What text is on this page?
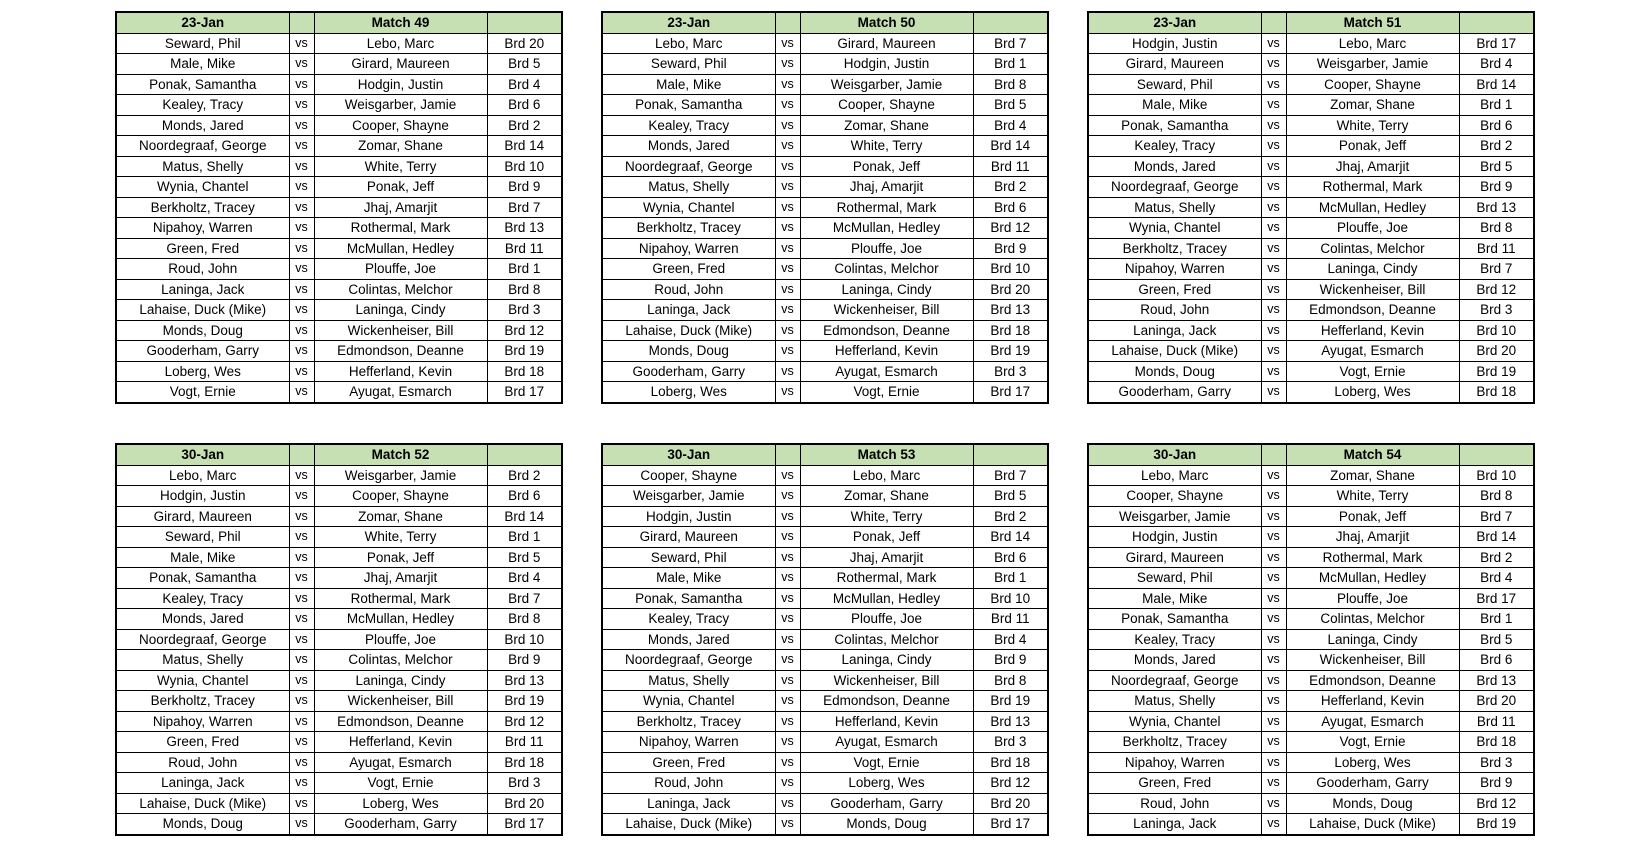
23-Jan		Match 49	
Seward, Phil	vs	Lebo, Marc	Brd 20
Male, Mike	vs	Girard, Maureen	Brd 5
Ponak, Samantha	vs	Hodgin, Justin	Brd 4
Kealey, Tracy	vs	Weisgarber, Jamie	Brd 6
Monds, Jared	vs	Cooper, Shayne	Brd 2
Noordegraaf, George	vs	Zomar, Shane	Brd 14
Matus, Shelly	vs	White, Terry	Brd 10
Wynia, Chantel	vs	Ponak, Jeff	Brd 9
Berkholtz, Tracey	vs	Jhaj, Amarjit	Brd 7
Nipahoy, Warren	vs	Rothermal, Mark	Brd 13
Green, Fred	vs	McMullan, Hedley	Brd 11
Roud, John	vs	Plouffe, Joe	Brd 1
Laninga, Jack	vs	Colintas, Melchor	Brd 8
Lahaise, Duck (Mike)	vs	Laninga, Cindy	Brd 3
Monds, Doug	vs	Wickenheiser, Bill	Brd 12
Gooderham, Garry	vs	Edmondson, Deanne	Brd 19
Loberg, Wes	vs	Hefferland, Kevin	Brd 18
Vogt, Ernie	vs	Ayugat, Esmarch	Brd 17
23-Jan		Match 50	
Lebo, Marc	vs	Girard, Maureen	Brd 7
Seward, Phil	vs	Hodgin, Justin	Brd 1
Male, Mike	vs	Weisgarber, Jamie	Brd 8
Ponak, Samantha	vs	Cooper, Shayne	Brd 5
Kealey, Tracy	vs	Zomar, Shane	Brd 4
Monds, Jared	vs	White, Terry	Brd 14
Noordegraaf, George	vs	Ponak, Jeff	Brd 11
Matus, Shelly	vs	Jhaj, Amarjit	Brd 2
Wynia, Chantel	vs	Rothermal, Mark	Brd 6
Berkholtz, Tracey	vs	McMullan, Hedley	Brd 12
Nipahoy, Warren	vs	Plouffe, Joe	Brd 9
Green, Fred	vs	Colintas, Melchor	Brd 10
Roud, John	vs	Laninga, Cindy	Brd 20
Laninga, Jack	vs	Wickenheiser, Bill	Brd 13
Lahaise, Duck (Mike)	vs	Edmondson, Deanne	Brd 18
Monds, Doug	vs	Hefferland, Kevin	Brd 19
Gooderham, Garry	vs	Ayugat, Esmarch	Brd 3
Loberg, Wes	vs	Vogt, Ernie	Brd 17
23-Jan		Match 51	
Hodgin, Justin	vs	Lebo, Marc	Brd 17
Girard, Maureen	vs	Weisgarber, Jamie	Brd 4
Seward, Phil	vs	Cooper, Shayne	Brd 14
Male, Mike	vs	Zomar, Shane	Brd 1
Ponak, Samantha	vs	White, Terry	Brd 6
Kealey, Tracy	vs	Ponak, Jeff	Brd 2
Monds, Jared	vs	Jhaj, Amarjit	Brd 5
Noordegraaf, George	vs	Rothermal, Mark	Brd 9
Matus, Shelly	vs	McMullan, Hedley	Brd 13
Wynia, Chantel	vs	Plouffe, Joe	Brd 8
Berkholtz, Tracey	vs	Colintas, Melchor	Brd 11
Nipahoy, Warren	vs	Laninga, Cindy	Brd 7
Green, Fred	vs	Wickenheiser, Bill	Brd 12
Roud, John	vs	Edmondson, Deanne	Brd 3
Laninga, Jack	vs	Hefferland, Kevin	Brd 10
Lahaise, Duck (Mike)	vs	Ayugat, Esmarch	Brd 20
Monds, Doug	vs	Vogt, Ernie	Brd 19
Gooderham, Garry	vs	Loberg, Wes	Brd 18
30-Jan		Match 52	
Lebo, Marc	vs	Weisgarber, Jamie	Brd 2
Hodgin, Justin	vs	Cooper, Shayne	Brd 6
Girard, Maureen	vs	Zomar, Shane	Brd 14
Seward, Phil	vs	White, Terry	Brd 1
Male, Mike	vs	Ponak, Jeff	Brd 5
Ponak, Samantha	vs	Jhaj, Amarjit	Brd 4
Kealey, Tracy	vs	Rothermal, Mark	Brd 7
Monds, Jared	vs	McMullan, Hedley	Brd 8
Noordegraaf, George	vs	Plouffe, Joe	Brd 10
Matus, Shelly	vs	Colintas, Melchor	Brd 9
Wynia, Chantel	vs	Laninga, Cindy	Brd 13
Berkholtz, Tracey	vs	Wickenheiser, Bill	Brd 19
Nipahoy, Warren	vs	Edmondson, Deanne	Brd 12
Green, Fred	vs	Hefferland, Kevin	Brd 11
Roud, John	vs	Ayugat, Esmarch	Brd 18
Laninga, Jack	vs	Vogt, Ernie	Brd 3
Lahaise, Duck (Mike)	vs	Loberg, Wes	Brd 20
Monds, Doug	vs	Gooderham, Garry	Brd 17
30-Jan		Match 53	
Cooper, Shayne	vs	Lebo, Marc	Brd 7
Weisgarber, Jamie	vs	Zomar, Shane	Brd 5
Hodgin, Justin	vs	White, Terry	Brd 2
Girard, Maureen	vs	Ponak, Jeff	Brd 14
Seward, Phil	vs	Jhaj, Amarjit	Brd 6
Male, Mike	vs	Rothermal, Mark	Brd 1
Ponak, Samantha	vs	McMullan, Hedley	Brd 10
Kealey, Tracy	vs	Plouffe, Joe	Brd 11
Monds, Jared	vs	Colintas, Melchor	Brd 4
Noordegraaf, George	vs	Laninga, Cindy	Brd 9
Matus, Shelly	vs	Wickenheiser, Bill	Brd 8
Wynia, Chantel	vs	Edmondson, Deanne	Brd 19
Berkholtz, Tracey	vs	Hefferland, Kevin	Brd 13
Nipahoy, Warren	vs	Ayugat, Esmarch	Brd 3
Green, Fred	vs	Vogt, Ernie	Brd 18
Roud, John	vs	Loberg, Wes	Brd 12
Laninga, Jack	vs	Gooderham, Garry	Brd 20
Lahaise, Duck (Mike)	vs	Monds, Doug	Brd 17
30-Jan		Match 54	
Lebo, Marc	vs	Zomar, Shane	Brd 10
Cooper, Shayne	vs	White, Terry	Brd 8
Weisgarber, Jamie	vs	Ponak, Jeff	Brd 7
Hodgin, Justin	vs	Jhaj, Amarjit	Brd 14
Girard, Maureen	vs	Rothermal, Mark	Brd 2
Seward, Phil	vs	McMullan, Hedley	Brd 4
Male, Mike	vs	Plouffe, Joe	Brd 17
Ponak, Samantha	vs	Colintas, Melchor	Brd 1
Kealey, Tracy	vs	Laninga, Cindy	Brd 5
Monds, Jared	vs	Wickenheiser, Bill	Brd 6
Noordegraaf, George	vs	Edmondson, Deanne	Brd 13
Matus, Shelly	vs	Hefferland, Kevin	Brd 20
Wynia, Chantel	vs	Ayugat, Esmarch	Brd 11
Berkholtz, Tracey	vs	Vogt, Ernie	Brd 18
Nipahoy, Warren	vs	Loberg, Wes	Brd 3
Green, Fred	vs	Gooderham, Garry	Brd 9
Roud, John	vs	Monds, Doug	Brd 12
Laninga, Jack	vs	Lahaise, Duck (Mike)	Brd 19
